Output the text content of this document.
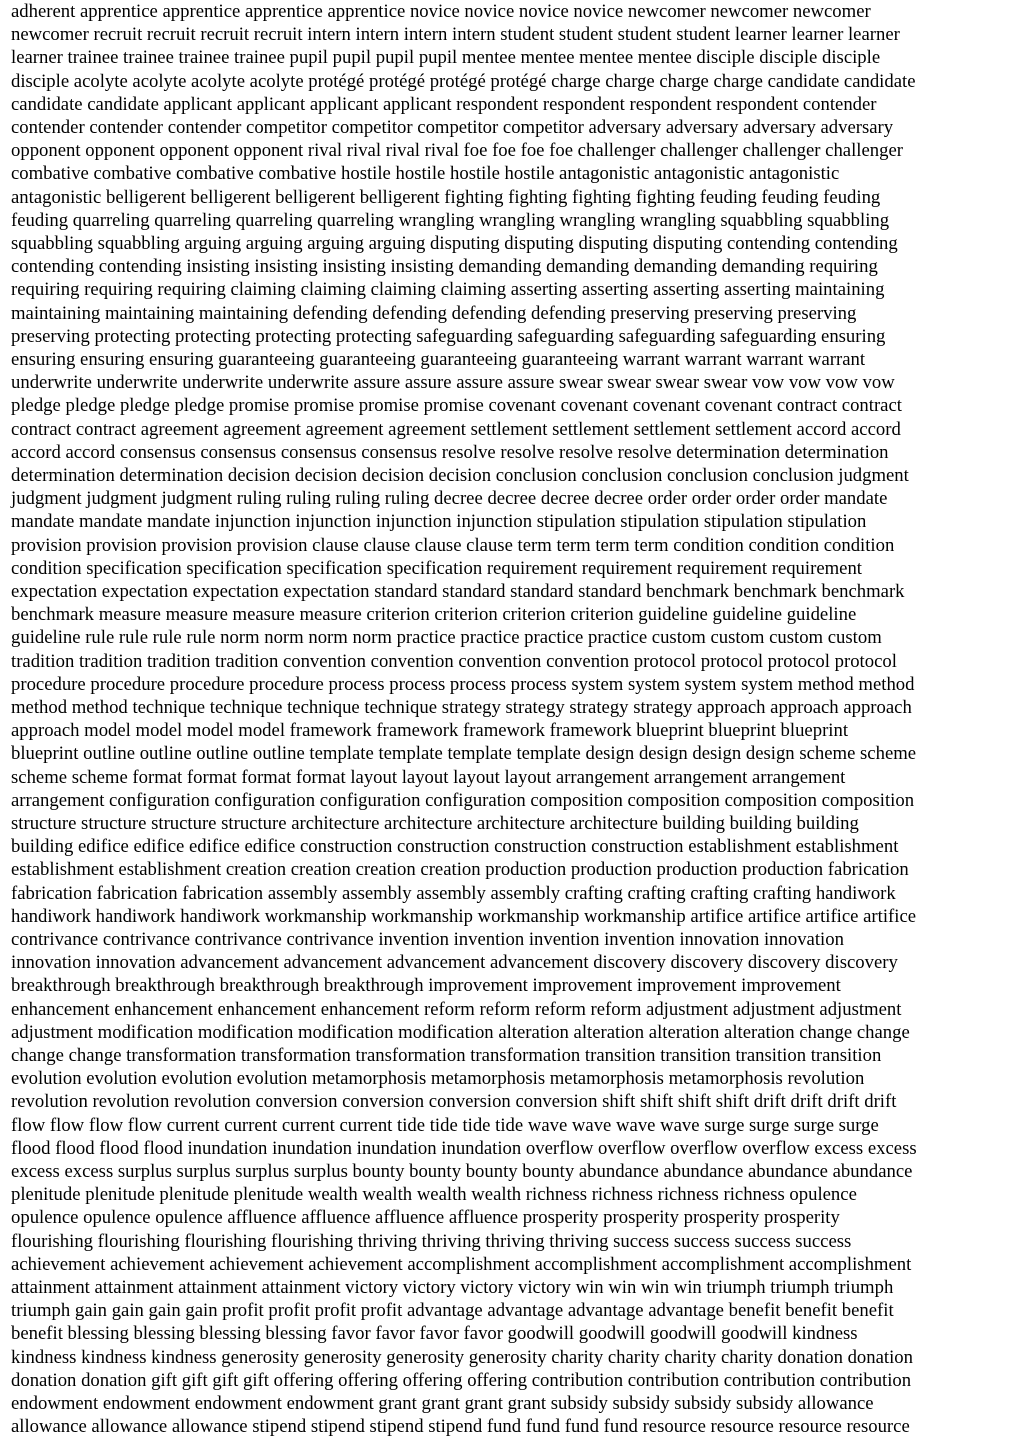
adherent apprentice apprentice apprentice apprentice novice novice novice novice newcomer newcomer newcomer
newcomer recruit recruit recruit recruit intern intern intern intern student student student student learner learner learner
learner trainee trainee trainee trainee pupil pupil pupil pupil mentee mentee mentee mentee disciple disciple disciple
disciple acolyte acolyte acolyte acolyte protégé protégé protégé protégé charge charge charge charge candidate candidate
candidate candidate applicant applicant applicant applicant respondent respondent respondent respondent contender
contender contender contender competitor competitor competitor competitor adversary adversary adversary adversary
opponent opponent opponent opponent rival rival rival rival foe foe foe foe challenger challenger challenger challenger
combative combative combative combative hostile hostile hostile hostile antagonistic antagonistic antagonistic
antagonistic belligerent belligerent belligerent belligerent fighting fighting fighting fighting feuding feuding feuding
feuding quarreling quarreling quarreling quarreling wrangling wrangling wrangling wrangling squabbling squabbling
squabbling squabbling arguing arguing arguing arguing disputing disputing disputing disputing contending contending
contending contending insisting insisting insisting insisting demanding demanding demanding demanding requiring
requiring requiring requiring claiming claiming claiming claiming asserting asserting asserting asserting maintaining
maintaining maintaining maintaining defending defending defending defending preserving preserving preserving
preserving protecting protecting protecting protecting safeguarding safeguarding safeguarding safeguarding ensuring
ensuring ensuring ensuring guaranteeing guaranteeing guaranteeing guaranteeing warrant warrant warrant warrant
underwrite underwrite underwrite underwrite assure assure assure assure swear swear swear swear vow vow vow vow
pledge pledge pledge pledge promise promise promise promise covenant covenant covenant covenant contract contract
contract contract agreement agreement agreement agreement settlement settlement settlement settlement accord accord
accord accord consensus consensus consensus consensus resolve resolve resolve resolve determination determination
determination determination decision decision decision decision conclusion conclusion conclusion conclusion judgment
judgment judgment judgment ruling ruling ruling ruling decree decree decree decree order order order order mandate
mandate mandate mandate injunction injunction injunction injunction stipulation stipulation stipulation stipulation
provision provision provision provision clause clause clause clause term term term term condition condition condition
condition specification specification specification specification requirement requirement requirement requirement
expectation expectation expectation expectation standard standard standard standard benchmark benchmark benchmark
benchmark measure measure measure measure criterion criterion criterion criterion guideline guideline guideline
guideline rule rule rule rule norm norm norm norm practice practice practice practice custom custom custom custom
tradition tradition tradition tradition convention convention convention convention protocol protocol protocol protocol
procedure procedure procedure procedure process process process process system system system system method method
method method technique technique technique technique strategy strategy strategy strategy approach approach approach
approach model model model model framework framework framework framework blueprint blueprint blueprint
blueprint outline outline outline outline template template template template design design design design scheme scheme
scheme scheme format format format format layout layout layout layout arrangement arrangement arrangement
arrangement configuration configuration configuration configuration composition composition composition composition
structure structure structure structure architecture architecture architecture architecture building building building
building edifice edifice edifice edifice construction construction construction construction establishment establishment
establishment establishment creation creation creation creation production production production production fabrication
fabrication fabrication fabrication assembly assembly assembly assembly crafting crafting crafting crafting handiwork
handiwork handiwork handiwork workmanship workmanship workmanship workmanship artifice artifice artifice artifice
contrivance contrivance contrivance contrivance invention invention invention invention innovation innovation
innovation innovation advancement advancement advancement advancement discovery discovery discovery discovery
breakthrough breakthrough breakthrough breakthrough improvement improvement improvement improvement
enhancement enhancement enhancement enhancement reform reform reform reform adjustment adjustment adjustment
adjustment modification modification modification modification alteration alteration alteration alteration change change
change change transformation transformation transformation transformation transition transition transition transition
evolution evolution evolution evolution metamorphosis metamorphosis metamorphosis metamorphosis revolution
revolution revolution revolution conversion conversion conversion conversion shift shift shift shift drift drift drift drift
flow flow flow flow current current current current tide tide tide tide wave wave wave wave surge surge surge surge
flood flood flood flood inundation inundation inundation inundation overflow overflow overflow overflow excess excess
excess excess surplus surplus surplus surplus bounty bounty bounty bounty abundance abundance abundance abundance
plenitude plenitude plenitude plenitude wealth wealth wealth wealth richness richness richness richness opulence
opulence opulence opulence affluence affluence affluence affluence prosperity prosperity prosperity prosperity
flourishing flourishing flourishing flourishing thriving thriving thriving thriving success success success success
achievement achievement achievement achievement accomplishment accomplishment accomplishment accomplishment
attainment attainment attainment attainment victory victory victory victory win win win win triumph triumph triumph
triumph gain gain gain gain profit profit profit profit advantage advantage advantage advantage benefit benefit benefit
benefit blessing blessing blessing blessing favor favor favor favor goodwill goodwill goodwill goodwill kindness
kindness kindness kindness generosity generosity generosity generosity charity charity charity charity donation donation
donation donation gift gift gift gift offering offering offering offering contribution contribution contribution contribution
endowment endowment endowment endowment grant grant grant grant subsidy subsidy subsidy subsidy allowance
allowance allowance allowance stipend stipend stipend stipend fund fund fund fund resource resource resource resource
